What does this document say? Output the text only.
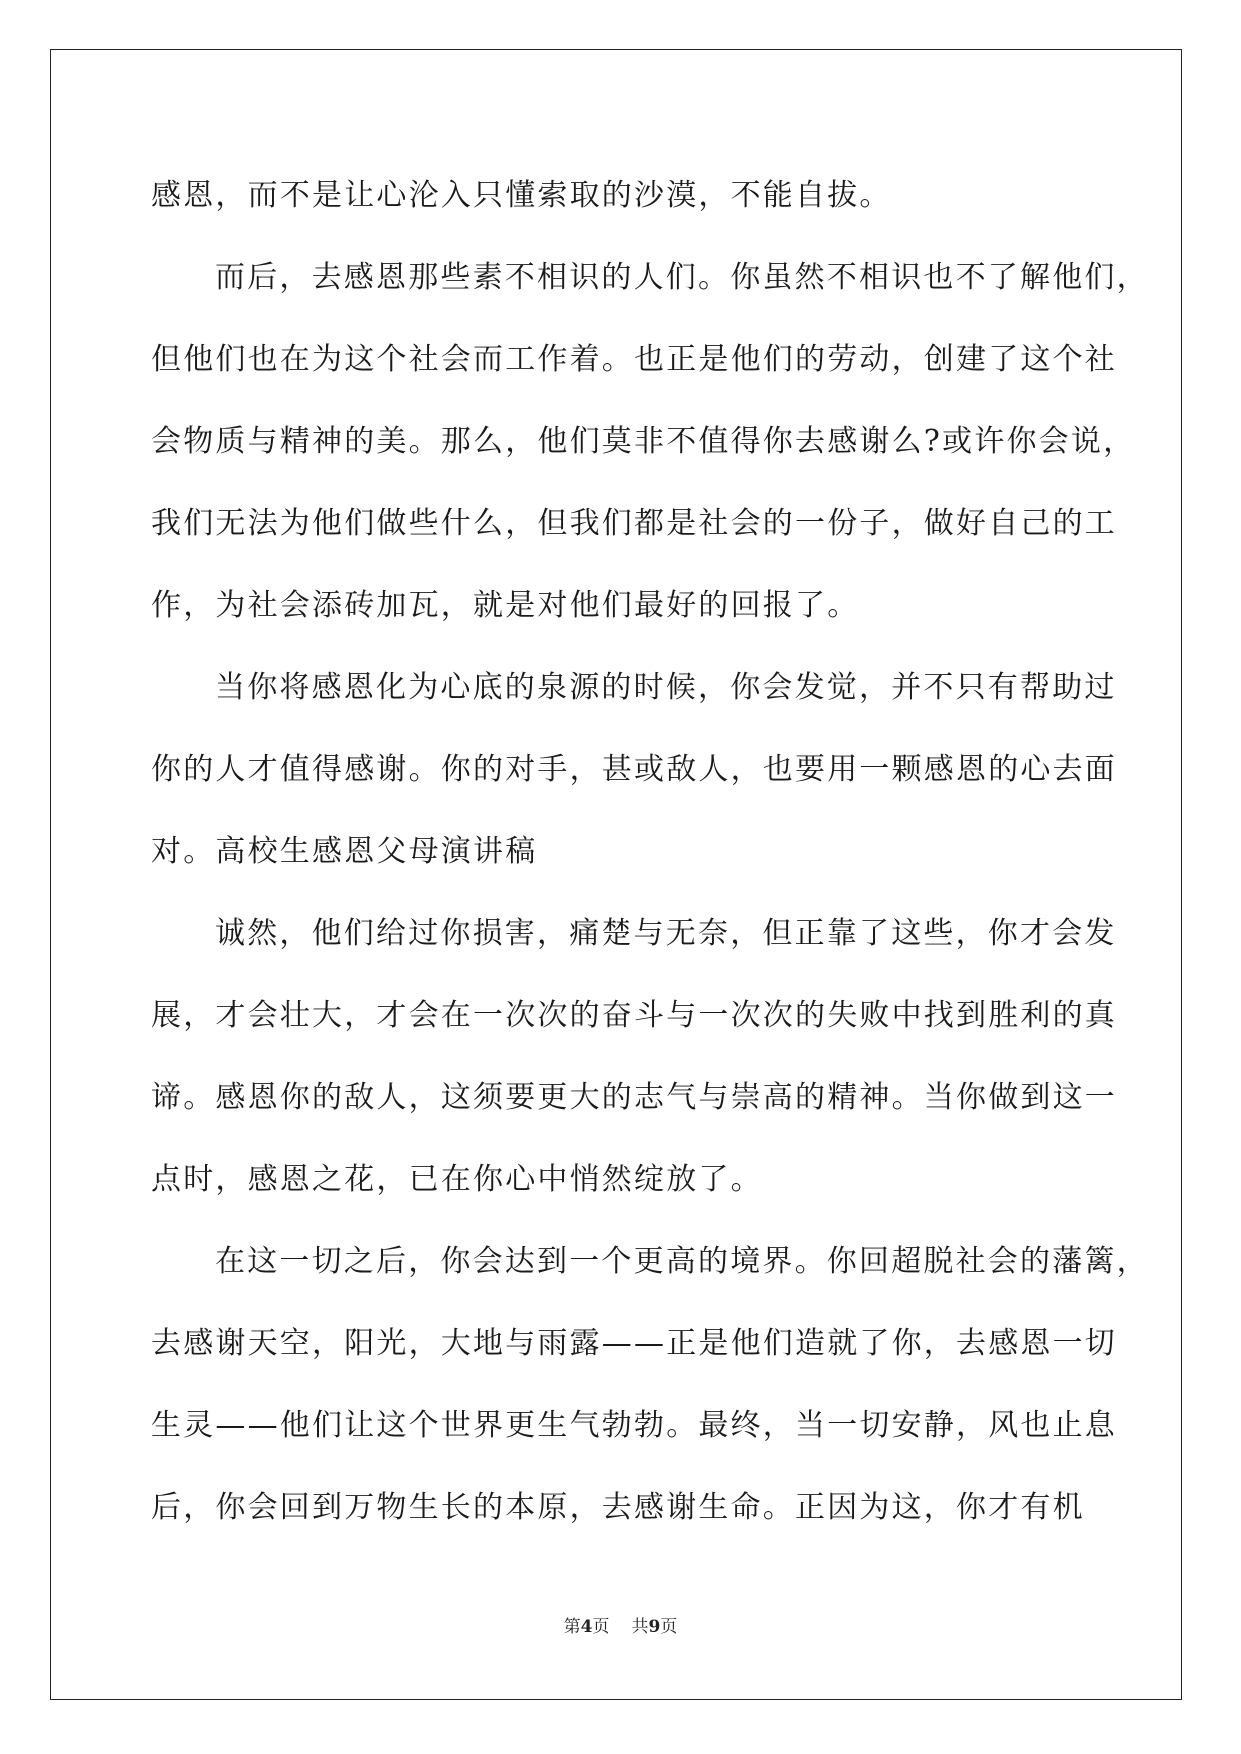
感恩，而不是让心沦入只懂索取的沙漠，不能自拔。
而后，去感恩那些素不相识的人们。你虽然不相识也不了解他们，
但他们也在为这个社会而工作着。也正是他们的劳动，创建了这个社
会物质与精神的美。那么，他们莫非不值得你去感谢么?或许你会说，
我们无法为他们做些什么，但我们都是社会的一份子，做好自己的工
作，为社会添砖加瓦，就是对他们最好的回报了。
当你将感恩化为心底的泉源的时候，你会发觉，并不只有帮助过
你的人才值得感谢。你的对手，甚或敌人，也要用一颗感恩的心去面
对。高校生感恩父母演讲稿
诚然，他们给过你损害，痛楚与无奈，但正靠了这些，你才会发
展，才会壮大，才会在一次次的奋斗与一次次的失败中找到胜利的真
谛。感恩你的敌人，这须要更大的志气与崇高的精神。当你做到这一
点时，感恩之花，已在你心中悄然绽放了。
在这一切之后，你会达到一个更高的境界。你回超脱社会的藩篱，
去感谢天空，阳光，大地与雨露——正是他们造就了你，去感恩一切
生灵——他们让这个世界更生气勃勃。最终，当一切安静，风也止息
后，你会回到万物生长的本原，去感谢生命。正因为这，你才有机
第4页 共9页
